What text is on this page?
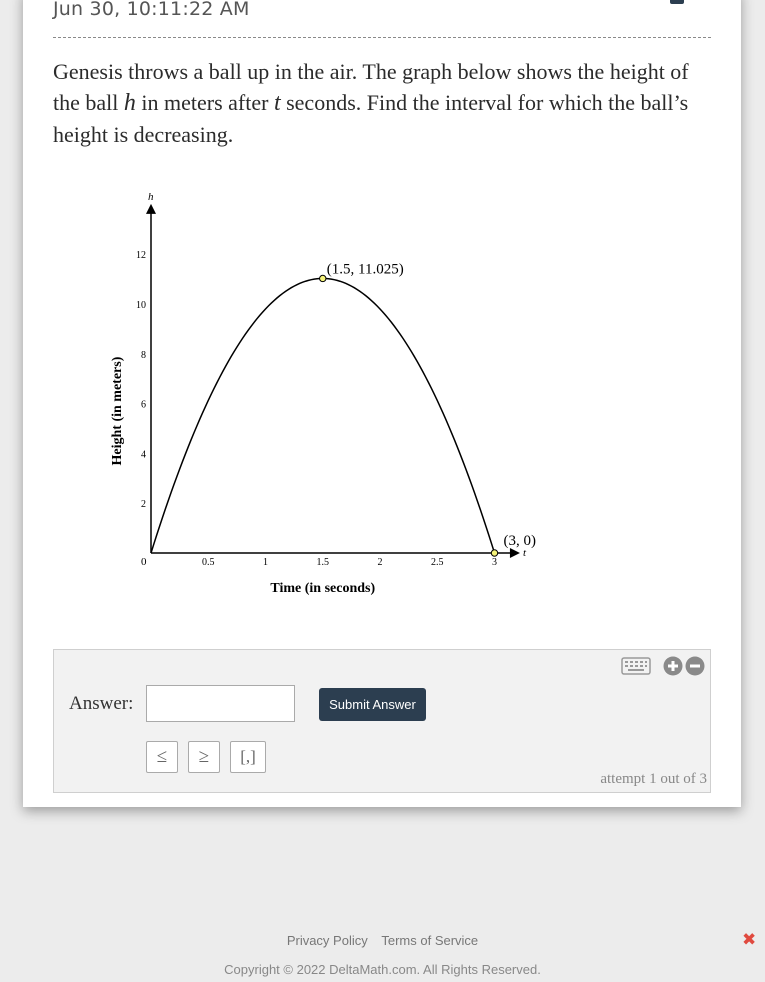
Jun 30, 10:11:22 AM
Genesis throws a ball up in the air. The graph below shows the height of the ball h in meters after t seconds. Find the interval for which the ball’s height is decreasing.
t
h
0	0.5	1	1.5	2	2.5	3
2
4
6
8
10
12
Time (in seconds)
Height (in meters)
(1.5, 11.025)
(3, 0)
Answer:	Submit Answer
≤	≥	[,]
attempt 1 out of 3
Privacy Policy Terms of Service
Copyright © 2022 DeltaMath.com. All Rights Reserved.
✖
